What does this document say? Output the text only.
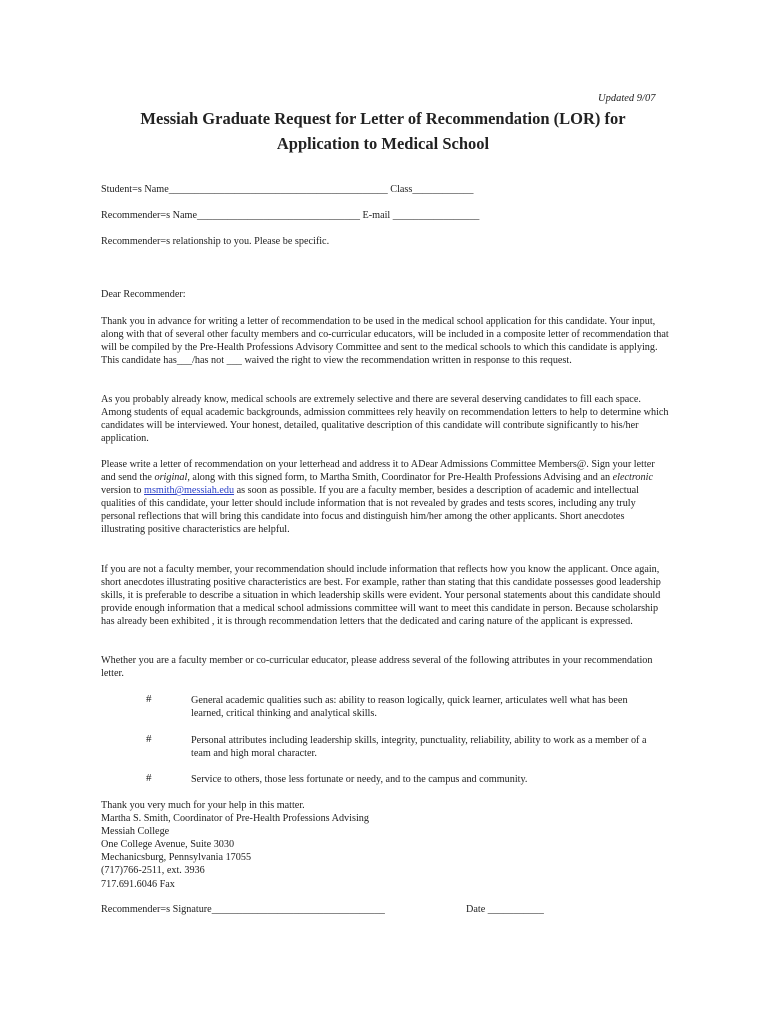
Updated 9/07
Messiah Graduate Request for Letter of Recommendation (LOR) for
Application to Medical School
Student=s Name___________________________________________ Class____________
Recommender=s Name________________________________ E-mail _________________
Recommender=s relationship to you. Please be specific.
Dear Recommender:
Thank you in advance for writing a letter of recommendation to be used in the medical school application for this candidate. Your input, along with that of several other faculty members and co-curricular educators, will be included in a composite letter of recommendation that will be compiled by the Pre-Health Professions Advisory Committee and sent to the medical schools to which this candidate is applying. This candidate has___/has not ___ waived the right to view the recommendation written in response to this request.
As you probably already know, medical schools are extremely selective and there are several deserving candidates to fill each space. Among students of equal academic backgrounds, admission committees rely heavily on recommendation letters to help to determine which candidates will be interviewed. Your honest, detailed, qualitative description of this candidate will contribute significantly to his/her application.
Please write a letter of recommendation on your letterhead and address it to ADear Admissions Committee Members@. Sign your letter and send the original, along with this signed form, to Martha Smith, Coordinator for Pre-Health Professions Advising and an electronic version to msmith@messiah.edu as soon as possible. If you are a faculty member, besides a description of academic and intellectual qualities of this candidate, your letter should include information that is not revealed by grades and tests scores, including any truly personal reflections that will bring this candidate into focus and distinguish him/her among the other applicants. Short anecdotes illustrating positive characteristics are helpful.
If you are not a faculty member, your recommendation should include information that reflects how you know the applicant. Once again, short anecdotes illustrating positive characteristics are best. For example, rather than stating that this candidate possesses good leadership skills, it is preferable to describe a situation in which leadership skills were evident. Your personal statements about this candidate should provide enough information that a medical school admissions committee will want to meet this candidate in person. Because scholarship has already been exhibited , it is through recommendation letters that the dedicated and caring nature of the applicant is expressed.
Whether you are a faculty member or co-curricular educator, please address several of the following attributes in your recommendation letter.
#	General academic qualities such as: ability to reason logically, quick learner, articulates well what has been learned, critical thinking and analytical skills.
#	Personal attributes including leadership skills, integrity, punctuality, reliability, ability to work as a member of a team and high moral character.
#	Service to others, those less fortunate or needy, and to the campus and community.
Thank you very much for your help in this matter.
Martha S. Smith, Coordinator of Pre-Health Professions Advising
Messiah College
One College Avenue, Suite 3030
Mechanicsburg, Pennsylvania 17055
(717)766-2511, ext. 3936
717.691.6046 Fax
Recommender=s Signature__________________________________	Date ___________
